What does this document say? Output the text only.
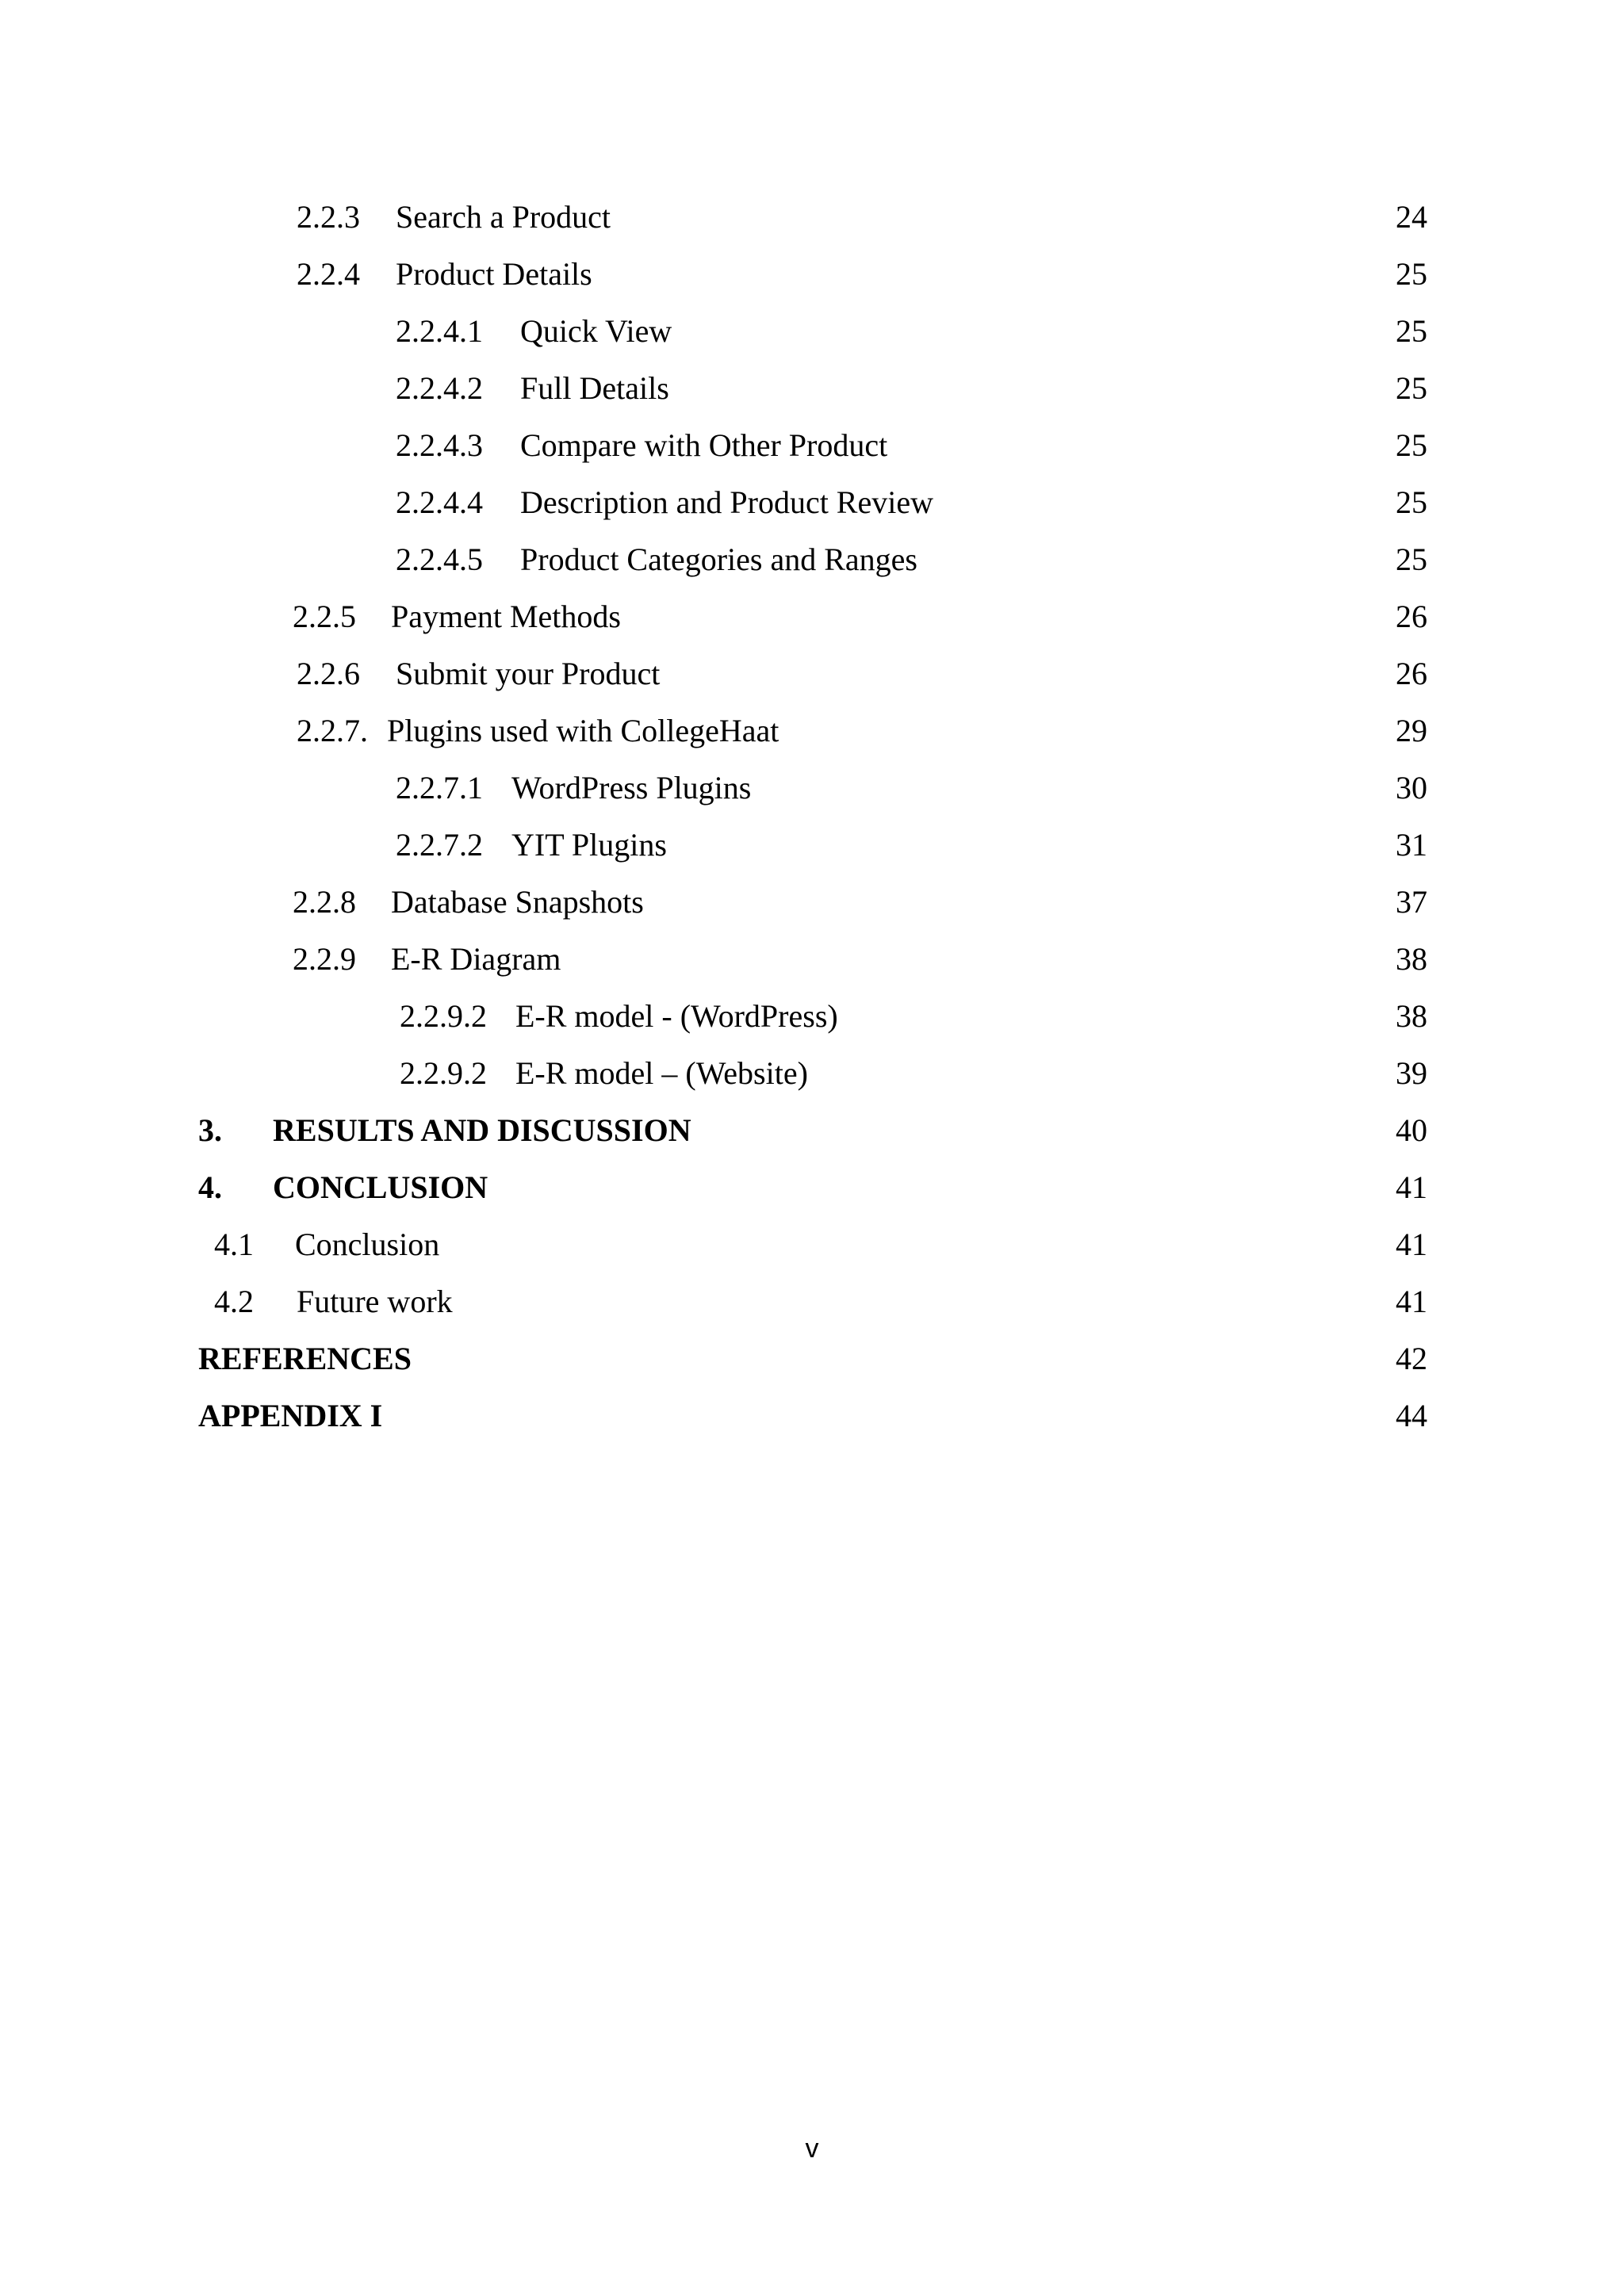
2.2.3 Search a Product	24
2.2.4 Product Details	25
2.2.4.1 Quick View	25
2.2.4.2 Full Details	25
2.2.4.3 Compare with Other Product	25
2.2.4.4 Description and Product Review	25
2.2.4.5 Product Categories and Ranges	25
2.2.5 Payment Methods	26
2.2.6 Submit your Product	26
2.2.7. Plugins used with CollegeHaat	29
2.2.7.1 WordPress Plugins	30
2.2.7.2 YIT Plugins	31
2.2.8 Database Snapshots	37
2.2.9 E-R Diagram	38
2.2.9.2 E-R model - (WordPress)	38
2.2.9.2 E-R model – (Website)	39
3. RESULTS AND DISCUSSION	40
4. CONCLUSION	41
4.1 Conclusion	41
4.2 Future work	41
REFERENCES	42
APPENDIX I	44
v
